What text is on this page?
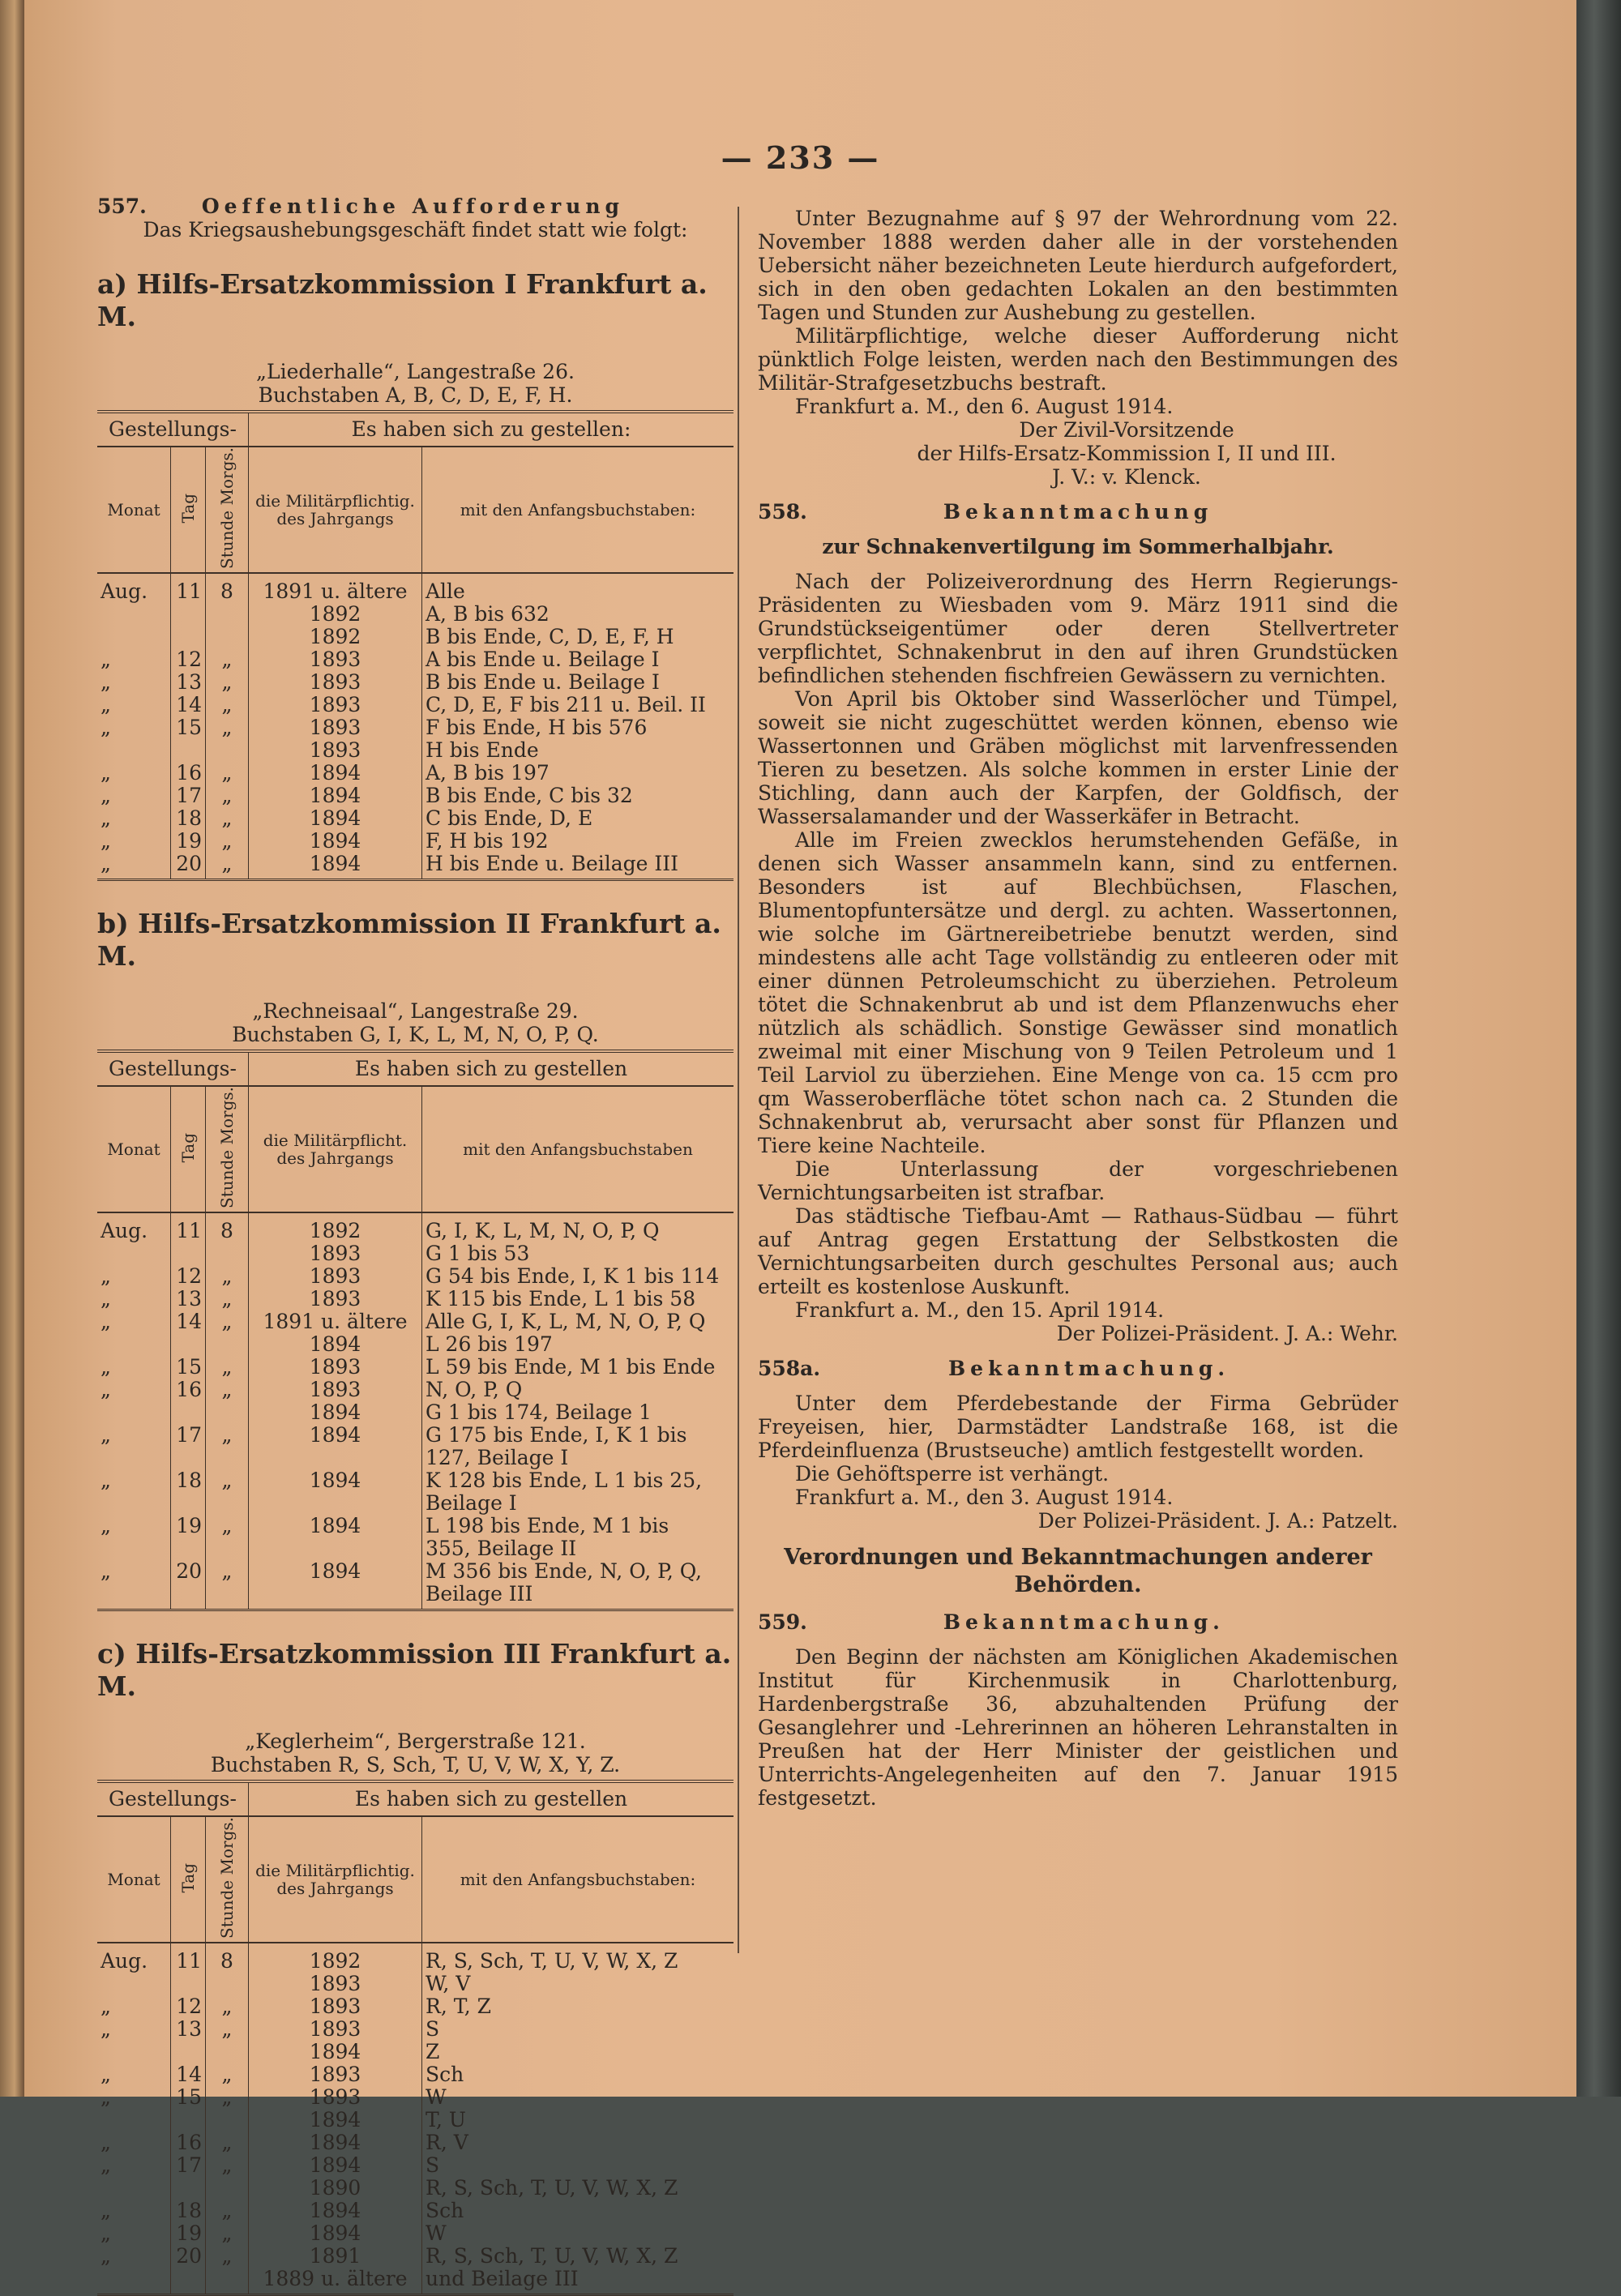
— 233 —

557.	Oeffentliche Aufforderung

Das Kriegsaushebungsgeschäft findet statt wie folgt:

a) Hilfs-Ersatzkommission I Frankfurt a. M.

„Liederhalle“, Langestraße 26.

Buchstaben A, B, C, D, E, F, H.

Gestellungs-			Es haben sich zu gestellen:	
Monat	Tag	Stunde Morgs.	die Militärpflichtig. des Jahrgangs	mit den Anfangsbuchstaben:
Aug.	11	8	1891 u. ältere	Alle
			1892	A, B bis 632
			1892	B bis Ende, C, D, E, F, H
„	12	„	1893	A bis Ende u. Beilage I
„	13	„	1893	B bis Ende u. Beilage I
„	14	„	1893	C, D, E, F bis 211 u. Beil. II
„	15	„	1893	F bis Ende, H bis 576
			1893	H bis Ende
„	16	„	1894	A, B bis 197
„	17	„	1894	B bis Ende, C bis 32
„	18	„	1894	C bis Ende, D, E
„	19	„	1894	F, H bis 192
„	20	„	1894	H bis Ende u. Beilage III

b) Hilfs-Ersatzkommission II Frankfurt a. M.

„Rechneisaal“, Langestraße 29.

Buchstaben G, I, K, L, M, N, O, P, Q.

Gestellungs-			Es haben sich zu gestellen	
Monat	Tag	Stunde Morgs.	die Militärpflicht. des Jahrgangs	mit den Anfangsbuchstaben
Aug.	11	8	1892	G, I, K, L, M, N, O, P, Q
			1893	G 1 bis 53
„	12	„	1893	G 54 bis Ende, I, K 1 bis 114
„	13	„	1893	K 115 bis Ende, L 1 bis 58
„	14	„	1891 u. ältere	Alle G, I, K, L, M, N, O, P, Q
			1894	L 26 bis 197
„	15	„	1893	L 59 bis Ende, M 1 bis Ende
„	16	„	1893	N, O, P, Q
			1894	G 1 bis 174, Beilage 1
„	17	„	1894	G 175 bis Ende, I, K 1 bis
				127, Beilage I
„	18	„	1894	K 128 bis Ende, L 1 bis 25,
				Beilage I
„	19	„	1894	L 198 bis Ende, M 1 bis
				355, Beilage II
„	20	„	1894	M 356 bis Ende, N, O, P, Q,
				Beilage III

c) Hilfs-Ersatzkommission III Frankfurt a. M.

„Keglerheim“, Bergerstraße 121.

Buchstaben R, S, Sch, T, U, V, W, X, Y, Z.

Gestellungs-			Es haben sich zu gestellen	
Monat	Tag	Stunde Morgs.	die Militärpflichtig. des Jahrgangs	mit den Anfangsbuchstaben:
Aug.	11	8	1892	R, S, Sch, T, U, V, W, X, Z
			1893	W, V
„	12	„	1893	R, T, Z
„	13	„	1893	S
			1894	Z
„	14	„	1893	Sch
„	15	„	1893	W
			1894	T, U
„	16	„	1894	R, V
„	17	„	1894	S
			1890	R, S, Sch, T, U, V, W, X, Z
„	18	„	1894	Sch
„	19	„	1894	W
„	20	„	1891	R, S, Sch, T, U, V, W, X, Z
			1889 u. ältere	und Beilage III

Unter Bezugnahme auf § 97 der Wehrordnung vom 22. November 1888 werden daher alle in der vorstehenden Uebersicht näher bezeichneten Leute hierdurch aufgefordert, sich in den oben gedachten Lokalen an den bestimmten Tagen und Stunden zur Aushebung zu gestellen.

Militärpflichtige, welche dieser Aufforderung nicht pünktlich Folge leisten, werden nach den Bestimmungen des Militär-Strafgesetzbuchs bestraft.

Frankfurt a. M., den 6. August 1914.

Der Zivil-Vorsitzende

der Hilfs-Ersatz-Kommission I, II und III.

J. V.: v. Klenck.

558.	Bekanntmachung

zur Schnakenvertilgung im Sommerhalbjahr.

Nach der Polizeiverordnung des Herrn Regierungs-Präsidenten zu Wiesbaden vom 9. März 1911 sind die Grundstückseigentümer oder deren Stellvertreter verpflichtet, Schnakenbrut in den auf ihren Grundstücken befindlichen stehenden fischfreien Gewässern zu vernichten.

Von April bis Oktober sind Wasserlöcher und Tümpel, soweit sie nicht zugeschüttet werden können, ebenso wie Wassertonnen und Gräben möglichst mit larvenfressenden Tieren zu besetzen. Als solche kommen in erster Linie der Stichling, dann auch der Karpfen, der Goldfisch, der Wassersalamander und der Wasserkäfer in Betracht.

Alle im Freien zwecklos herumstehenden Gefäße, in denen sich Wasser ansammeln kann, sind zu entfernen. Besonders ist auf Blechbüchsen, Flaschen, Blumentopfuntersätze und dergl. zu achten. Wassertonnen, wie solche im Gärtnereibetriebe benutzt werden, sind mindestens alle acht Tage vollständig zu entleeren oder mit einer dünnen Petroleumschicht zu überziehen. Petroleum tötet die Schnakenbrut ab und ist dem Pflanzenwuchs eher nützlich als schädlich. Sonstige Gewässer sind monatlich zweimal mit einer Mischung von 9 Teilen Petroleum und 1 Teil Larviol zu überziehen. Eine Menge von ca. 15 ccm pro qm Wasseroberfläche tötet schon nach ca. 2 Stunden die Schnakenbrut ab, verursacht aber sonst für Pflanzen und Tiere keine Nachteile.

Die Unterlassung der vorgeschriebenen Vernichtungsarbeiten ist strafbar.

Das städtische Tiefbau-Amt — Rathaus-Südbau — führt auf Antrag gegen Erstattung der Selbstkosten die Vernichtungsarbeiten durch geschultes Personal aus; auch erteilt es kostenlose Auskunft.

Frankfurt a. M., den 15. April 1914.

Der Polizei-Präsident. J. A.: Wehr.

558a.	Bekanntmachung.

Unter dem Pferdebestande der Firma Gebrüder Freyeisen, hier, Darmstädter Landstraße 168, ist die Pferdeinfluenza (Brustseuche) amtlich festgestellt worden.

Die Gehöftsperre ist verhängt.

Frankfurt a. M., den 3. August 1914.

Der Polizei-Präsident. J. A.: Patzelt.

Verordnungen und Bekanntmachungen anderer Behörden.

559.	Bekanntmachung.

Den Beginn der nächsten am Königlichen Akademischen Institut für Kirchenmusik in Charlottenburg, Hardenbergstraße 36, abzuhaltenden Prüfung der Gesanglehrer und -Lehrerinnen an höheren Lehranstalten in Preußen hat der Herr Minister der geistlichen und Unterrichts-Angelegenheiten auf den 7. Januar 1915 festgesetzt.
